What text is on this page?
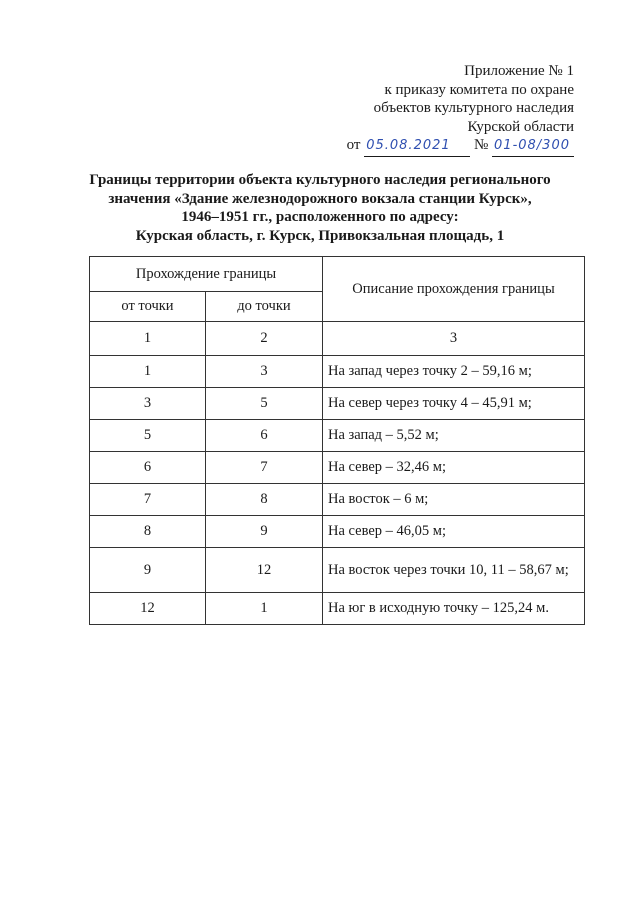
Приложение № 1
к приказу комитета по охране
объектов культурного наследия
Курской области
от 05.08.2021 № 01-08/300
Границы территории объекта культурного наследия регионального
значения «Здание железнодорожного вокзала станции Курск»,
1946–1951 гг., расположенного по адресу:
Курская область, г. Курск, Привокзальная площадь, 1
Прохождение границы		Описание прохождения границы
от точки	до точки	
1	2	3
1	3	На запад через точку 2 – 59,16 м;
3	5	На север через точку 4 – 45,91 м;
5	6	На запад – 5,52 м;
6	7	На север – 32,46 м;
7	8	На восток – 6 м;
8	9	На север – 46,05 м;
9	12	На восток через точки 10, 11 – 58,67 м;
12	1	На юг в исходную точку – 125,24 м.
